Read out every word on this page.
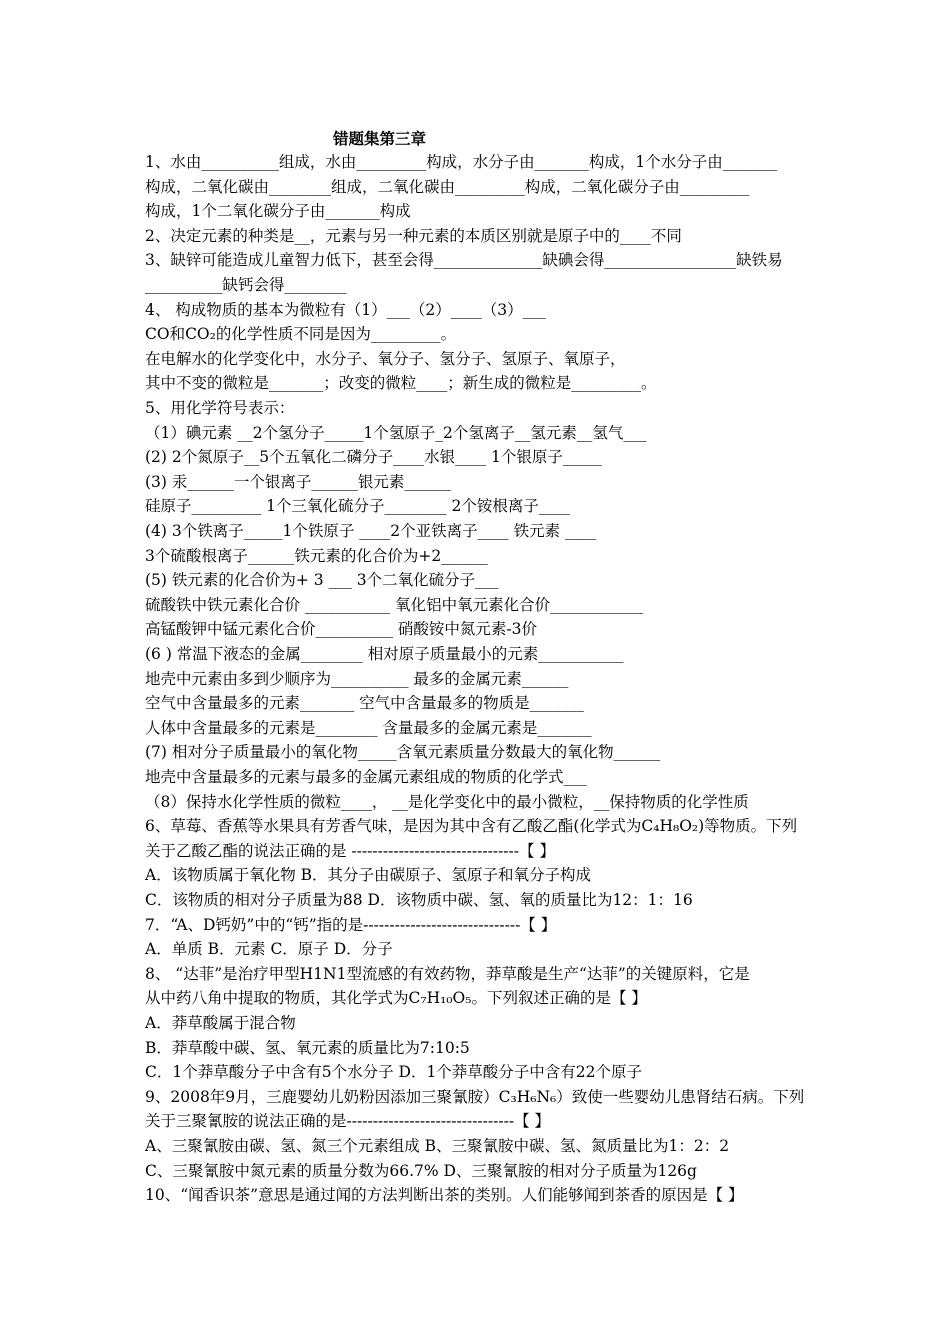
错题集第三章
1、水由__________组成，水由_________构成，水分子由_______构成，1个水分子由_______
构成，二氧化碳由________组成，二氧化碳由_________构成，二氧化碳分子由_________
构成，1个二氧化碳分子由_______构成
2、决定元素的种类是__，元素与另一种元素的本质区别就是原子中的____不同
3、缺锌可能造成儿童智力低下，甚至会得______________缺碘会得_________________缺铁易
__________缺钙会得________
4、 构成物质的基本为微粒有（1）___（2）____（3）___
CO和CO₂的化学性质不同是因为_________。
在电解水的化学变化中，水分子、氧分子、氢分子、氢原子、氧原子，
其中不变的微粒是_______；改变的微粒____；新生成的微粒是_________。
5、用化学符号表示：
（1）碘元素 __2个氢分子_____1个氢原子_2个氢离子__氢元素__氢气___
(2) 2个氮原子__5个五氧化二磷分子____水银____ 1个银原子_____
(3) 汞______一个银离子______银元素______
硅原子_________ 1个三氧化硫分子________ 2个铵根离子____
(4) 3个铁离子_____1个铁原子 ____2个亚铁离子____ 铁元素 ____
3个硫酸根离子______铁元素的化合价为+2______
(5) 铁元素的化合价为+ 3 ___ 3个二氧化硫分子___
硫酸铁中铁元素化合价 ___________ 氧化铝中氧元素化合价____________
高锰酸钾中锰元素化合价__________ 硝酸铵中氮元素-3价
(6 ) 常温下液态的金属________ 相对原子质量最小的元素___________
地壳中元素由多到少顺序为__________ 最多的金属元素______
空气中含量最多的元素_______ 空气中含量最多的物质是_______
人体中含量最多的元素是________ 含量最多的金属元素是_______
(7) 相对分子质量最小的氧化物_____含氧元素质量分数最大的氧化物______
地壳中含量最多的元素与最多的金属元素组成的物质的化学式___
（8）保持水化学性质的微粒____， __是化学变化中的最小微粒，__保持物质的化学性质
6、草莓、香蕉等水果具有芳香气味，是因为其中含有乙酸乙酯(化学式为C₄H₈O₂)等物质。下列
关于乙酸乙酯的说法正确的是 --------------------------------【 】
A．该物质属于氧化物 B．其分子由碳原子、氢原子和氧分子构成
C．该物质的相对分子质量为88 D．该物质中碳、氢、氧的质量比为12：1：16
7．“A、D钙奶”中的“钙”指的是------------------------------【 】
A．单质 B．元素 C．原子 D．分子
8、 “达菲”是治疗甲型H1N1型流感的有效药物，莽草酸是生产“达菲”的关键原料，它是
从中药八角中提取的物质，其化学式为C₇H₁₀O₅。下列叙述正确的是【 】
A．莽草酸属于混合物
B．莽草酸中碳、氢、氧元素的质量比为7:10:5
C．1个莽草酸分子中含有5个水分子 D．1个莽草酸分子中含有22个原子
9、2008年9月，三鹿婴幼儿奶粉因添加三聚氰胺）C₃H₆N₆）致使一些婴幼儿患肾结石病。下列
关于三聚氰胺的说法正确的是--------------------------------【 】
A、三聚氰胺由碳、氢、氮三个元素组成 B、三聚氰胺中碳、氢、氮质量比为1：2：2
C、三聚氰胺中氮元素的质量分数为66.7% D、三聚氰胺的相对分子质量为126g
10、“闻香识茶”意思是通过闻的方法判断出茶的类别。人们能够闻到茶香的原因是【 】
